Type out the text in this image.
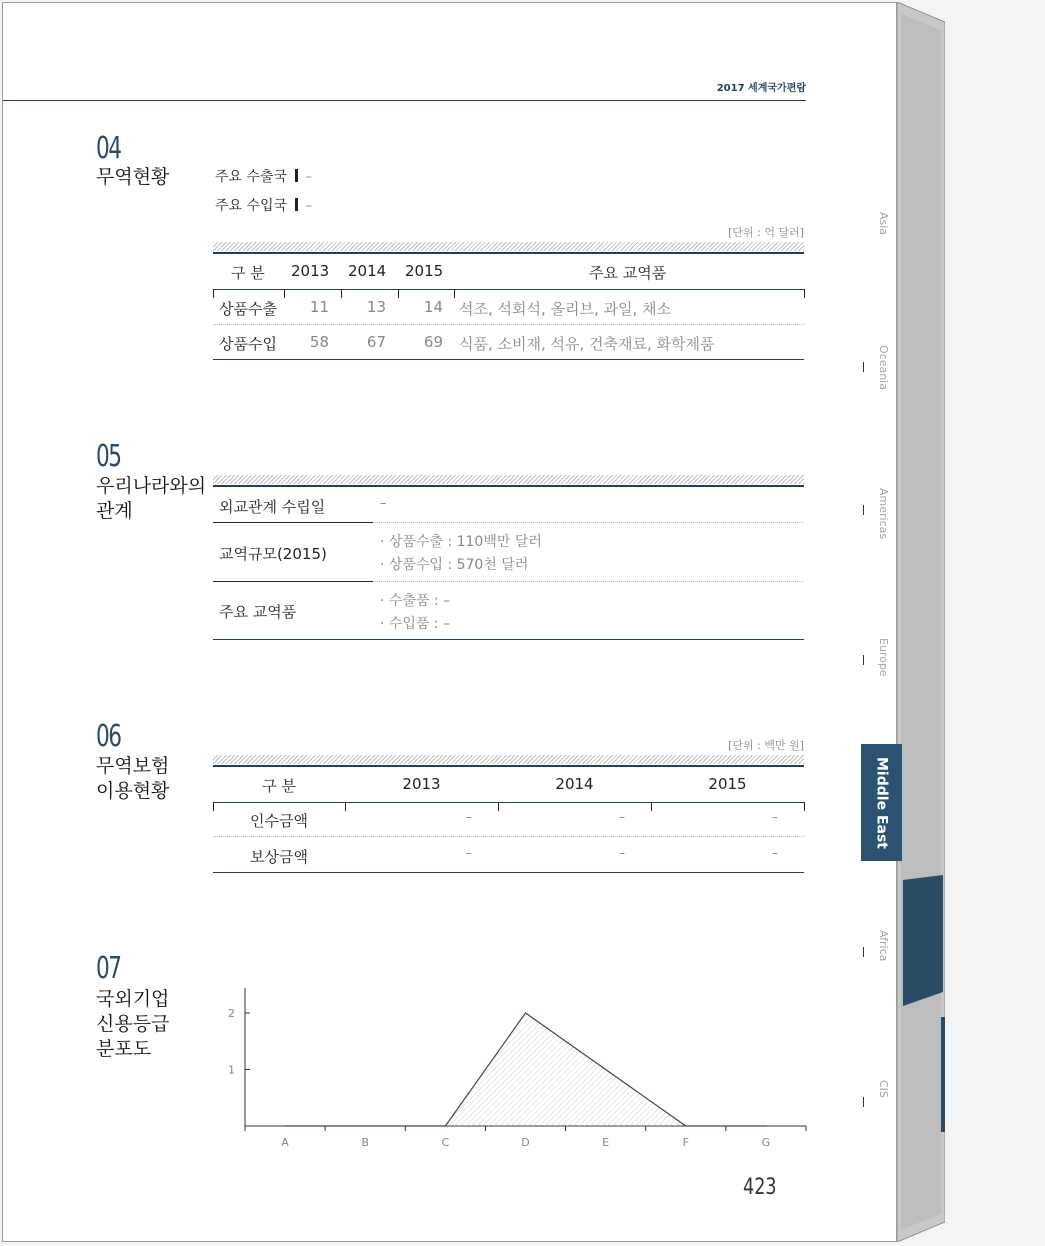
2017 세계국가편람
04
무역현황	주요 수출국 –
주요 수입국 –
[단위 : 억 달러]
구 분 2013 2014 2015	주요 교역품
상품수출	11	13	14 석조, 석회석, 올리브, 과일, 채소
상품수입	58	67	69 식품, 소비재, 석유, 건축재료, 화학제품
05
우리나라와의
관계	외교관계 수립일	–
교역규모(2015)
· 상품수출 : 110백만 달러
· 상품수입 : 570천 달러
주요 교역품
· 수출품 : –
· 수입품 : –
06
무역보험
이용현황
[단위 : 백만 원]
구 분	2013	2014	2015
인수금액	–	–	–
보상금액	–	–	–
07
국외기업
신용등급
분포도
1
2
A	B	C	D	E	F	G
423
Asia
Oceania
Americas
Europe
Middle East
Africa
CIS
